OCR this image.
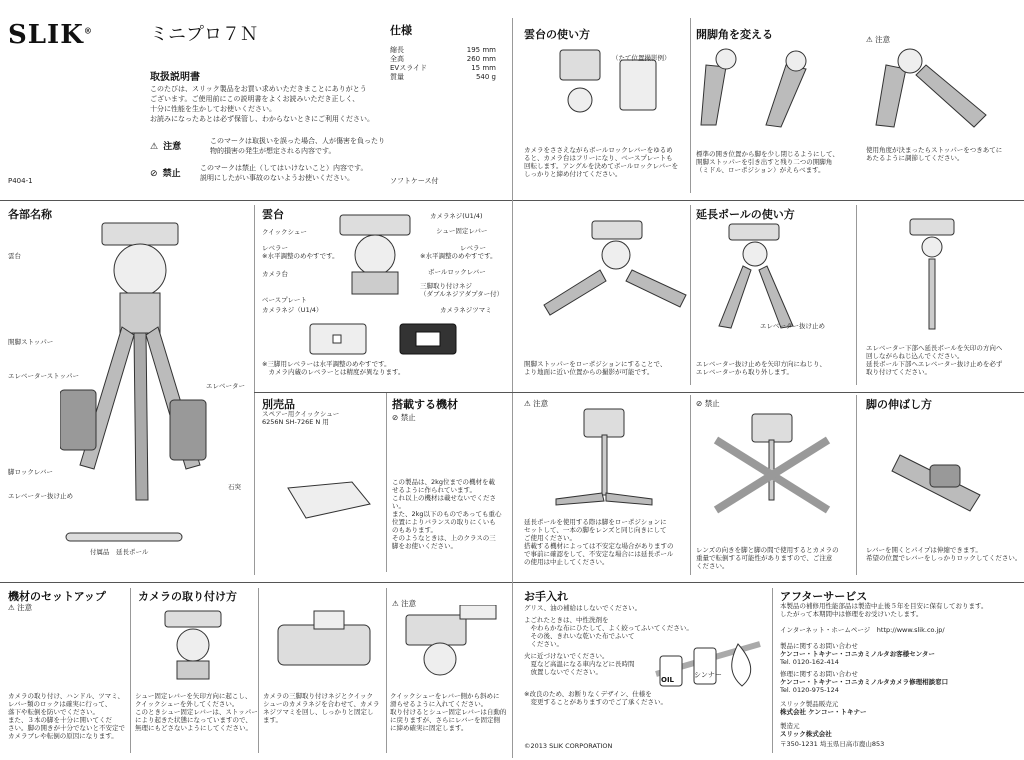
SLIK®	ミニプロ７Ｎ
取扱説明書
このたびは、スリック製品をお買い求めいただきまことにありがとう
ございます。ご使用前にこの説明書をよくお読みいただき正しく、
十分に性能を生かしてお使いください。
お読みになったあとは必ず保管し、わからないときにご利用ください。
⚠ 注意
このマークは取扱いを誤った場合、人が傷害を負ったり
物的損害の発生が想定される内容です。
⊘ 禁止
このマークは禁止（してはいけないこと）内容です。
説明にしたがい事故のないようお使いください。
P404-1
仕様
縮長	195 mm
全高	260 mm
EVスライド	15 mm
質量	540 g
ソフトケース付
各部名称
雲台
開脚ストッパー
エレベーターストッパー
エレベーター
脚ロックレバー
石突
エレベーター抜け止め
付属品　延長ポール
雲台
クイックシュー
レベラー
※水平調整のめやすです。
カメラ台
ベースプレート
カメラネジ（U1/4）
カメラネジ(U1/4)
シュー固定レバー
レベラー
※水平調整のめやすです。
ボールロックレバー
三脚取り付けネジ
（ダブルネジアダプター付）
カメラネジツマミ
※三脚用レベラーは水平調整のめやすです。
　カメラ内蔵のレベラーとは精度が異なります。
別売品
スペアー用クイックシュー
6256N SH-726E N 用
搭載する機材
⊘ 禁止
この製品は、2kg位までの機材を載
せるように作られています。
これ以上の機材は載せないでくださ
い。
また、2kg以下のものであっても重心
位置によりバランスの取りにくいも
のもあります。
そのようなときは、上のクラスの三
脚をお使いください。
機材のセットアップ
⚠ 注意
カメラの取り付け、ハンドル、ツマミ、
レバー類のロックは確実に行って、
落下や転倒を防いでください。
また、３本の脚を十分に開いてくだ
さい。脚の開きが十分でないと不安定で
カメラブレや転倒の原因になります。
カメラの取り付け方
シュー固定レバーを矢印方向に起こし、
クイックシューを外してください。
このときシュー固定レバーは、ストッパー
により起きた状態になっていますので、
無理にもどさないようにしてください。
カメラの三脚取り付けネジとクイック
シューのカメラネジを合わせて、カメラ
ネジツマミを回し、しっかりと固定し
ます。
⚠ 注意
クイックシューをレバー側から斜めに
滑らせるように入れてください。
取り付けるとシュー固定レバーは自動的
に戻りますが、さらにレバーを固定側
に締め確実に固定します。
雲台の使い方
（たて位置撮影例）
カメラをささえながらボールロックレバーをゆるめ
ると、カメラ台はフリーになり、ベースプレートも
回転します。アングルを決めてボールロックレバーを
しっかりと締め付けてください。
開脚角を変える
標準の開き位置から脚を少し閉じるようにして、
開脚ストッパーを引き出すと残り二つの開脚角
（ミドル、ローポジション）がえらべます。
⚠ 注意
使用角度が決まったらストッパーをつきあてに
あたるように調節してください。
開脚ストッパーをローポジションにすることで、
より地面に近い位置からの撮影が可能です。
延長ポールの使い方
エレベーター抜け止め
エレベーター抜け止めを矢印方向にねじり、
エレベーターから取り外します。
エレベーター下部へ延長ボールを矢印の方向へ
回しながらねじ込んでください。
延長ボール下部へエレベーター抜け止めを必ず
取り付けてください。
⚠ 注意
延長ポールを使用する際は脚をローポジションに
セットして、一本の脚をレンズと同じ向きにして
ご使用ください。
搭載する機材によっては不安定な場合がありますの
で事前に確認をして、不安定な場合には延長ポール
の使用は中止してください。
⊘ 禁止
レンズの向きを脚と脚の間で使用するとカメラの
重量で転倒する可能性がありますので、ご注意
ください。
脚の伸ばし方
レバーを開くとパイプは伸縮できます。
希望の位置でレバーをしっかりロックしてください。
お手入れ
グリス、油の補給はしないでください。
よごれたときは、中性洗剤を
　やわらかな布にひたして、よく絞ってふいてください。
　その後、きれいな乾いた布でふいて
　ください。
火に近づけないでください。
　夏など高温になる車内などに長時間
　放置しないでください。
OIL
シンナー
※改良のため、お断りなくデザイン、仕様を
　変更することがありますのでご了承ください。
©2013 SLIK CORPORATION
アフターサービス
本製品の補修用性能部品は製造中止後５年を目安に保有しております。
したがって本期間中は修理をお受けいたします。
インターネット・ホームページ　http://www.slik.co.jp/
製品に関するお問い合わせ
ケンコー・トキナー・コニカミノルタお客様センター
Tel. 0120-162-414
修理に関するお問い合わせ
ケンコー・トキナー・コニカミノルタカメラ修理相談窓口
Tel. 0120-975-124
スリック製品販売元
株式会社 ケンコー・トキナー
製造元
スリック株式会社
〒350-1231 埼玉県日高市鹿山853
